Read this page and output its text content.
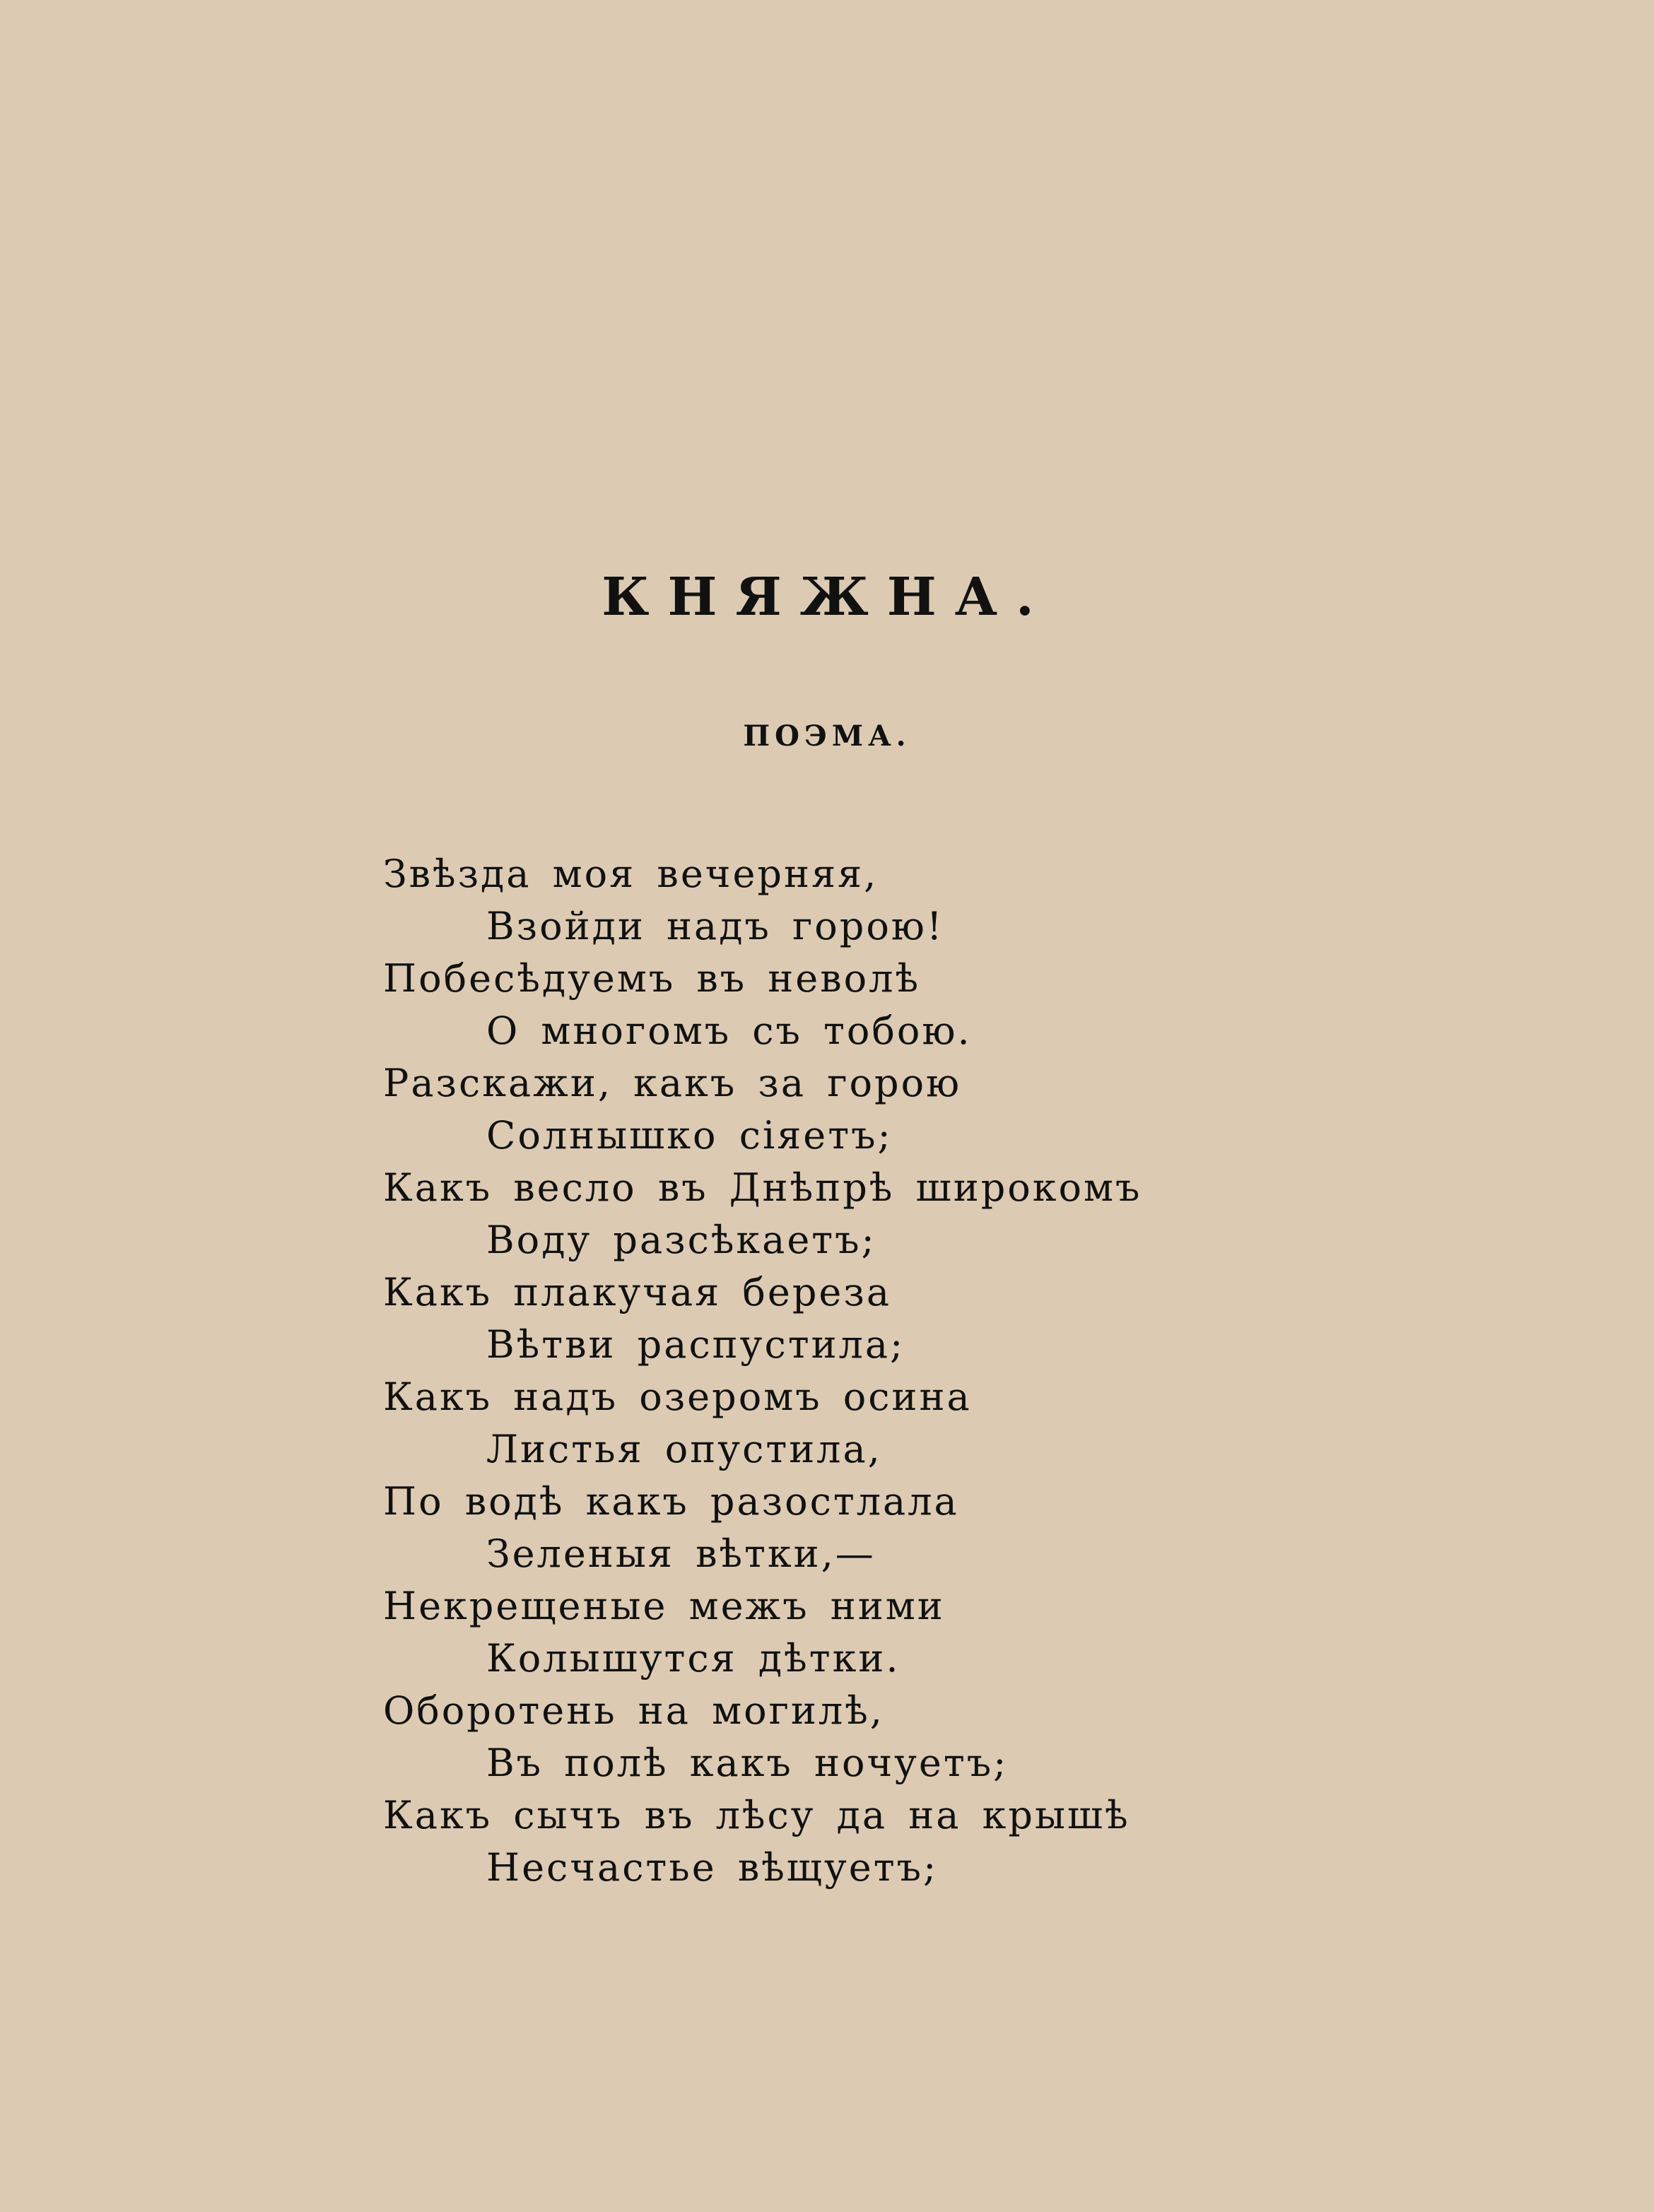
КНЯЖНА.
ПОЭМА.
Звѣзда моя вечерняя,
Взойди надъ горою!
Побесѣдуемъ въ неволѣ
О многомъ съ тобою.
Разскажи, какъ за горою
Солнышко сіяетъ;
Какъ весло въ Днѣпрѣ широкомъ
Воду разсѣкаетъ;
Какъ плакучая береза
Вѣтви распустила;
Какъ надъ озеромъ осина
Листья опустила,
По водѣ какъ разостлала
Зеленыя вѣтки,—
Некрещеные межъ ними
Колышутся дѣтки.
Оборотень на могилѣ,
Въ полѣ какъ ночуетъ;
Какъ сычъ въ лѣсу да на крышѣ
Несчастье вѣщуетъ;
